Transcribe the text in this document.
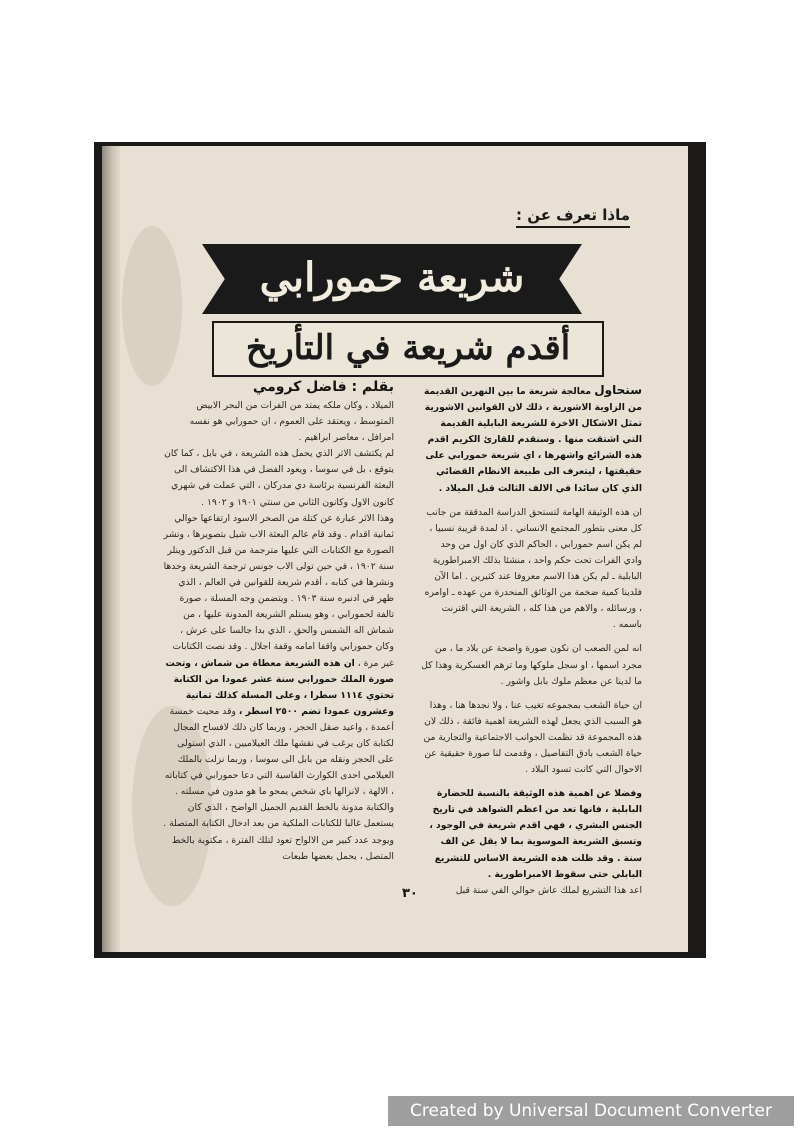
ماذا تعرف عن :
شريعة حمورابي
أقدم شريعة في التأريخ

سنحاول معالجة شريعة ما بين النهرين القديمة من الزاوية الاشورية ، ذلك لان القوانين الاشورية تمثل الاشكال الاخرة للشريعة البابلية القديمة التي اشتقت منها . وسنقدم للقارئ الكريم اقدم هذه الشرائع واشهرها ، اي شريعة حمورابي على حقيقتها ، ليتعرف الى طبيعة الانظام القضائي الذي كان سائدا في الالف الثالث قبل الميلاد .

ان هذه الوثيقة الهامة لتستحق الدراسة المدققة من جانب كل معنى بتطور المجتمع الانساني . اذ لمدة قريبة نسبيا ، لم يكن اسم حمورابي ، الحاكم الذي كان اول من وحد وادي الفرات تحت حكم واحد ، منشئا بذلك الامبراطورية البابلية ـ لم يكن هذا الاسم معروفا عند كثيرين . اما الآن فلدينا كمية ضخمة من الوثائق المنحدرة من عهده ـ اوامره ، ورسائله ، والاهم من هذا كله ، الشريعة التي اقترنت باسمه .

انه لمن الصعب ان نكون صورة واضحة عن بلاد ما ، من مجرد اسمها ، او سجل ملوكها وما ترهم العسكرية وهذا كل ما لدينا عن معظم ملوك بابل واشور .

ان حياة الشعب بمجموعه تغيب عنا ، ولا نجدها هنا ، وهذا هو السبب الذي يجعل لهذه الشريعة اهمية فائقة ، ذلك لان هذه المجموعة قد نظمت الجوانب الاجتماعية والتجارية من حياة الشعب بادق التفاصيل ، وقدمت لنا صورة حقيقية عن الاحوال التي كانت تسود البلاد .

وفضلا عن اهمية هذه الوثيقة بالنسبة للحضارة البابلية ، فانها تعد من اعظم الشواهد في تاريخ الجنس البشري ، فهي اقدم شريعة في الوجود ، وتسبق الشريعة الموسوية بما لا يقل عن الف سنة . وقد ظلت هذه الشريعة الاساس للتشريع البابلي حتى سقوط الامبراطورية .

اعد هذا التشريع لملك عاش حوالي الفي سنة قبل

بقلم : فاضل كرومي

الميلاد ، وكان ملكه يمتد من الفرات من البحر الابيض المتوسط ، ويعتقد على العموم ، ان حمورابي هو نفسه امرافل ، معاصر ابراهيم .

لم يكتشف الاثر الذي يحمل هذه الشريعة ، في بابل ، كما كان يتوقع ، بل في سوسا ، ويعود الفضل في هذا الاكتشاف الى البعثة الفرنسية برئاسة دي مدركان ، التي عملت في شهري كانون الاول وكانون الثاني من سنتي ١٩٠١ و ١٩٠٢ .

وهذا الاثر عبارة عن كتلة من الصخر الاسود ارتفاعها حوالي ثمانية اقدام . وقد قام عالم البعثة الاب شيل بتصويرها ، ونشر الصورة مع الكتابات التي عليها مترجمة من قبل الدكتور وينلر سنة ١٩٠٢ ، في حين تولى الاب جونس ترجمة الشريعة وحدها ونشرها في كتابه ، أقدم شريعة للقوانين في العالم ، الذي ظهر في ادنبره سنة ١٩٠٣ . ويتضمن وجه المسلة ، صورة تالفة لحمورابي ، وهو يستلم الشريعة المدونة عليها ، من شماش اله الشمس والحق ، الذي بدا جالسا على عرش ، وكان حمورابي واقفا امامه وقفة اجلال . وقد نصت الكتابات غير مرة ، ان هذه الشريعة معطاة من شماش ، وتحت صورة الملك حمورابي سنة عشر عمودا من الكتابة تحتوي ١١١٤ سطرا ، وعلى المسلة كذلك ثمانية وعشرون عمودا تضم ٢٥٠٠ اسطر ، وقد محيت خمسة أعمدة ، واعيد صقل الحجر ، وربما كان ذلك لافساح المجال لكتابة كان يرغب في نقشها ملك العيلاميين ، الذي استولى على الحجر ونقله من بابل الى سوسا ، وربما نزلت بالملك العيلامي احدى الكوارث القاسية التي دعا حمورابي في كتاباته ، الالهة ، لانزالها باي شخص يمحو ما هو مدون في مسلته .

والكتابة مدونة بالخط القديم الجميل الواضح ، الذي كان يستعمل غالبا للكتابات الملكية من بعد ادخال الكتابة المتصلة . ويوجد عدد كبير من الالواح تعود لتلك الفترة ، مكتوبة بالخط المتصل ، يحمل بعضها طبعات

٣٠
Created by Universal Document Converter
